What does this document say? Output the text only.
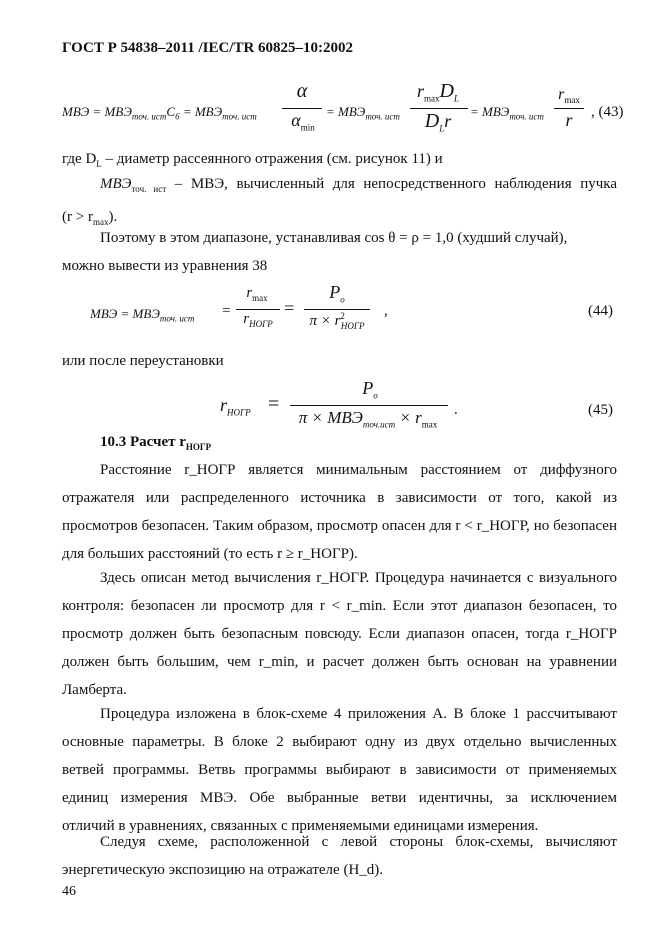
ГОСТ Р 54838–2011 /IEC/TR 60825–10:2002
МВЭ = $МВЭ_{точ. ист}C_6 = МВЭ_{точ. ист}$
α
$\alpha_{min}$
= $МВЭ_{точ. ист}$
$r_{max}D_L$
$D_Lr$	= $МВЭ_{точ. ист}$
$r_{max}$
r	, (43)
где $D_L$ – диаметр рассеянного отражения (см. рисунок 11) и
$МВЭ_{точ. ист}$ – МВЭ, вычисленный для непосредственного наблюдения пучка
$(r > r_{max})$.
Поэтому в этом диапазоне, устанавливая cos θ = ρ = 1,0 (худший случай),
можно вывести из уравнения 38
МВЭ = $МВЭ_{точ. ист}$ =
$r_{max}$
$r_{НОГР}$
=
$P_o$
$\pi \times r^2_{НОГР}$
,	(44)
или после переустановки
$r_{НОГР}$ =
$P_o$
$\pi \times МВЭ_{точ.ист} \times r_{max}$
.	(45)
10.3 Расчет $r_{НОГР}$
Расстояние r_НОГР является минимальным расстоянием от диффузного
отражателя или распределенного источника в зависимости от того, какой из
просмотров безопасен. Таким образом, просмотр опасен для r < r_НОГР, но безопасен
для больших расстояний (то есть r ≥ r_НОГР).
Здесь описан метод вычисления r_НОГР. Процедура начинается с визуального
контроля: безопасен ли просмотр для r < r_min. Если этот диапазон безопасен, то
просмотр должен быть безопасным повсюду. Если диапазон опасен, тогда r_НОГР
должен быть большим, чем r_min, и расчет должен быть основан на уравнении
Ламберта.
Процедура изложена в блок-схеме 4 приложения А. В блоке 1 рассчитывают
основные параметры. В блоке 2 выбирают одну из двух отдельно вычисленных
ветвей программы. Ветвь программы выбирают в зависимости от применяемых
единиц измерения МВЭ. Обе выбранные ветви идентичны, за исключением
отличий в уравнениях, связанных с применяемыми единицами измерения.
Следуя схеме, расположенной с левой стороны блок-схемы, вычисляют
энергетическую экспозицию на отражателе (H_d).
46
